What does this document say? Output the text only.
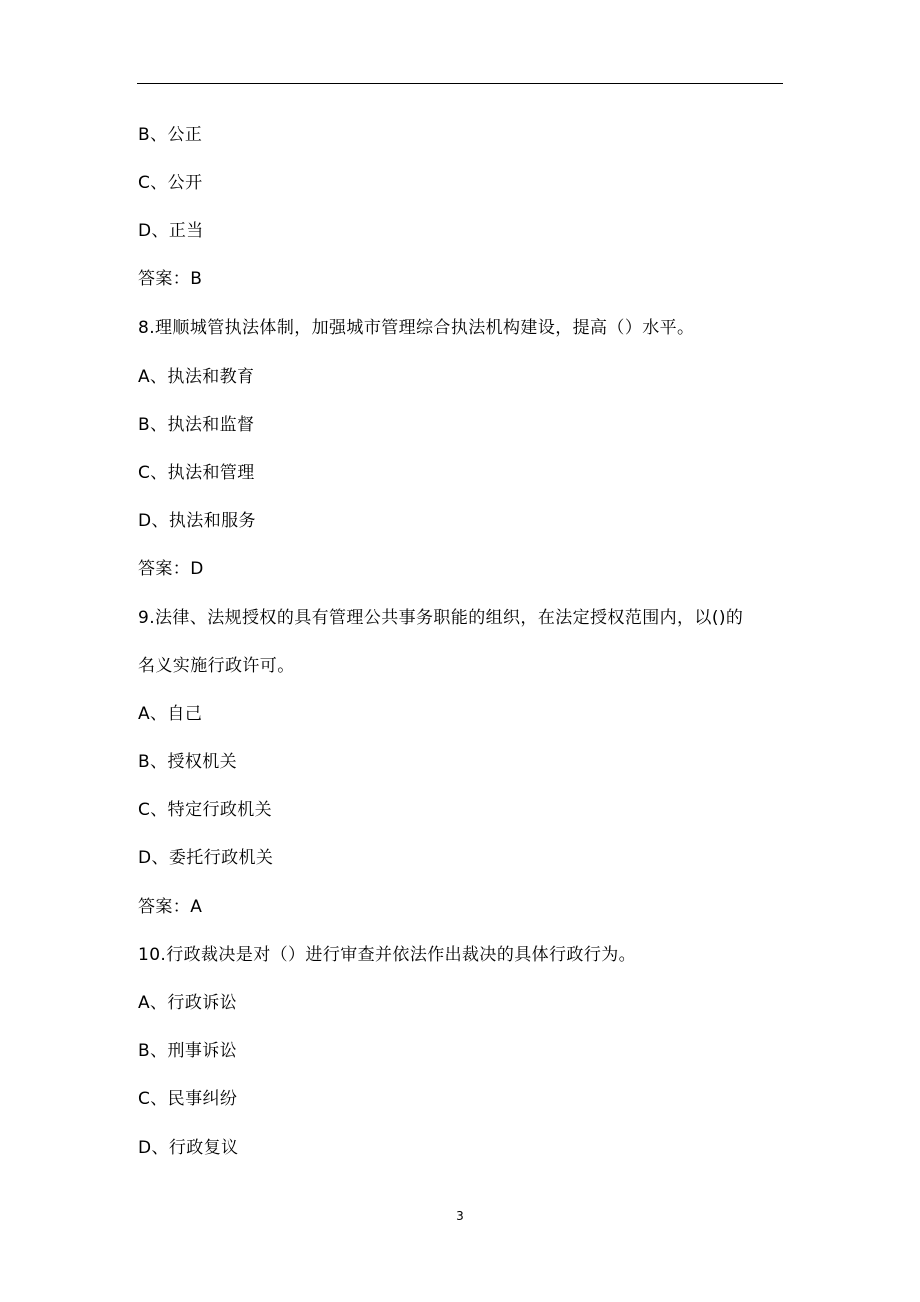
B、公正
C、公开
D、正当
答案：B
8.理顺城管执法体制，加强城市管理综合执法机构建设，提高（）水平。
A、执法和教育
B、执法和监督
C、执法和管理
D、执法和服务
答案：D
9.法律、法规授权的具有管理公共事务职能的组织，在法定授权范围内，以()的
名义实施行政许可。
A、自己
B、授权机关
C、特定行政机关
D、委托行政机关
答案：A
10.行政裁决是对（）进行审查并依法作出裁决的具体行政行为。
A、行政诉讼
B、刑事诉讼
C、民事纠纷
D、行政复议
3
